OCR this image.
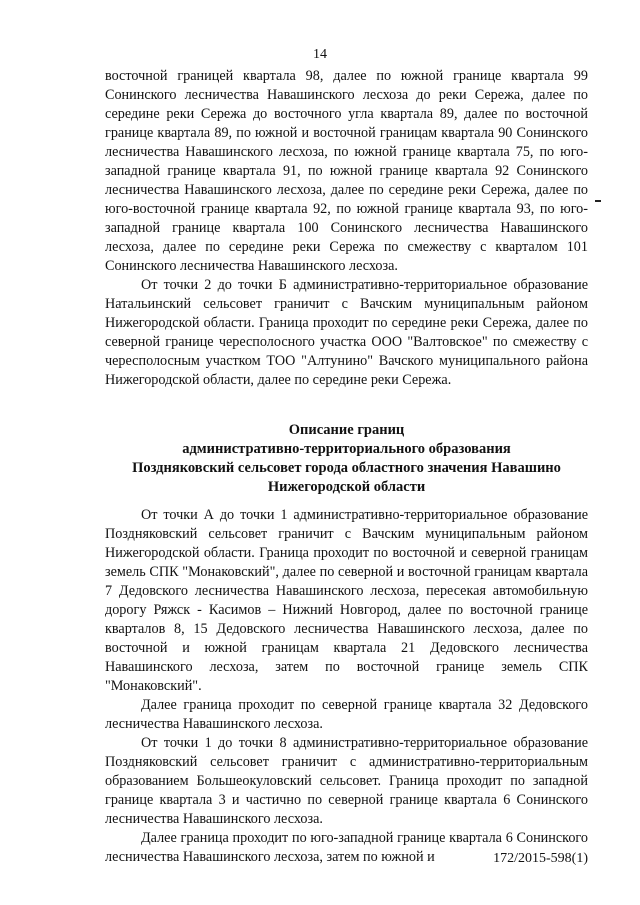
14

восточной границей квартала 98, далее по южной границе квартала 99 Сонинского лесничества Навашинского лесхоза до реки Сережа, далее по середине реки Сережа до восточного угла квартала 89, далее по восточной границе квартала 89, по южной и восточной границам квартала 90 Сонинского лесничества Навашинского лесхоза, по южной границе квартала 75, по юго-западной границе квартала 91, по южной границе квартала 92 Сонинского лесничества Навашинского лесхоза, далее по середине реки Сережа, далее по юго-восточной границе квартала 92, по южной границе квартала 93, по юго-западной границе квартала 100 Сонинского лесничества Навашинского лесхоза, далее по середине реки Сережа по смежеству с кварталом 101 Сонинского лесничества Навашинского лесхоза.

От точки 2 до точки Б административно-территориальное образование Натальинский сельсовет граничит с Вачским муниципальным районом Нижегородской области. Граница проходит по середине реки Сережа, далее по северной границе чересполосного участка ООО "Валтовское" по смежеству с чересполосным участком ТОО "Алтунино" Вачского муниципального района Нижегородской области, далее по середине реки Сережа.

Описание границ

административно-территориального образования

Поздняковский сельсовет города областного значения Навашино

Нижегородской области

От точки А до точки 1 административно-территориальное образование Поздняковский сельсовет граничит с Вачским муниципальным районом Нижегородской области. Граница проходит по восточной и северной границам земель СПК "Монаковский", далее по северной и восточной границам квартала 7 Дедовского лесничества Навашинского лесхоза, пересекая автомобильную дорогу Ряжск - Касимов – Нижний Новгород, далее по восточной границе кварталов 8, 15 Дедовского лесничества Навашинского лесхоза, далее по восточной и южной границам квартала 21 Дедовского лесничества Навашинского лесхоза, затем по восточной границе земель СПК "Монаковский".

Далее граница проходит по северной границе квартала 32 Дедовского лесничества Навашинского лесхоза.

От точки 1 до точки 8 административно-территориальное образование Поздняковский сельсовет граничит с административно-территориальным образованием Большеокуловский сельсовет. Граница проходит по западной границе квартала 3 и частично по северной границе квартала 6 Сонинского лесничества Навашинского лесхоза.

Далее граница проходит по юго-западной границе квартала 6 Сонинского лесничества Навашинского лесхоза, затем по южной и	172/2015-598(1)
